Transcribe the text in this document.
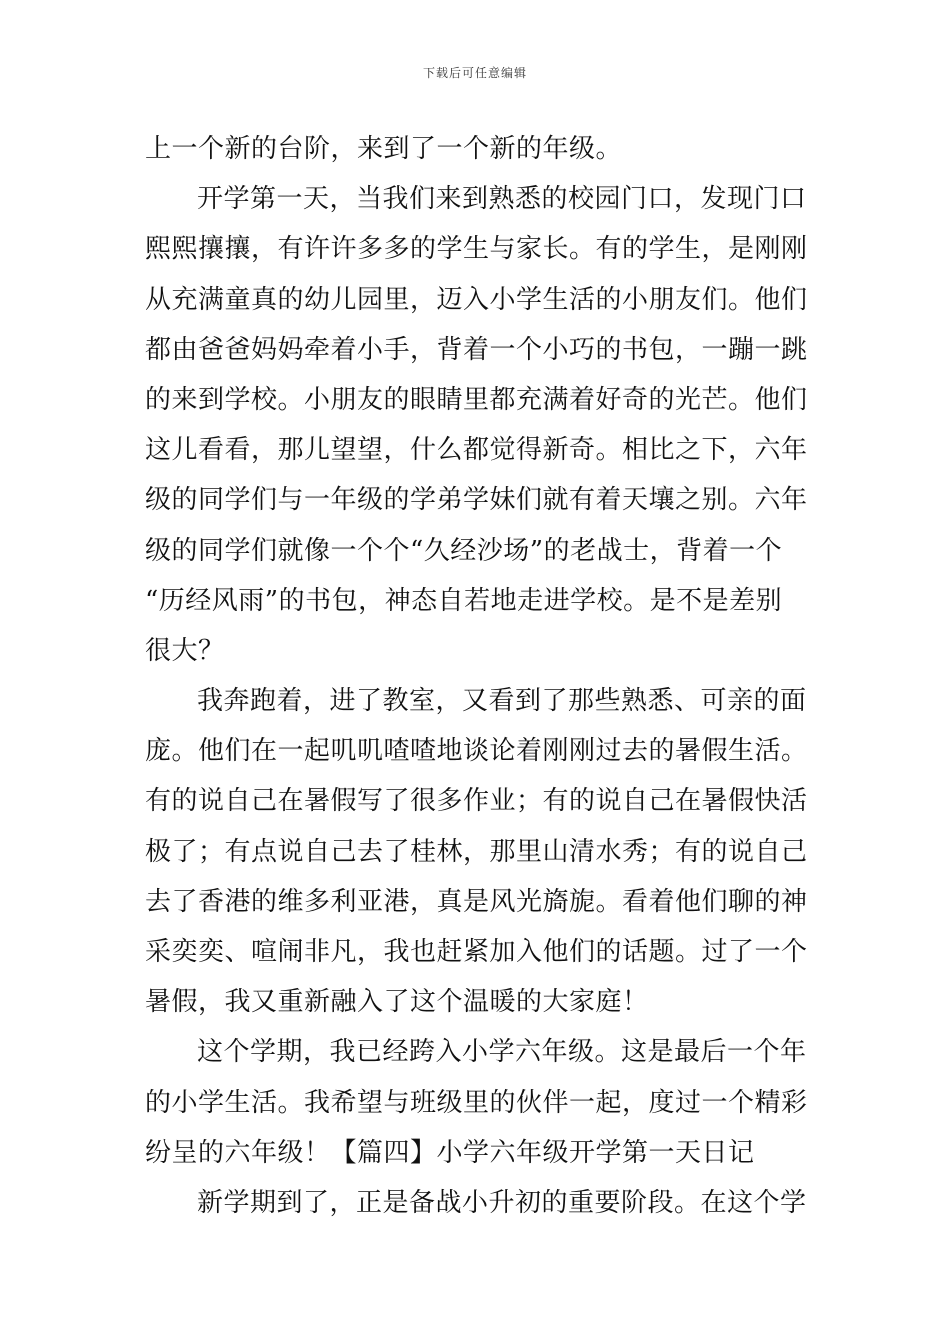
下载后可任意编辑
上一个新的台阶，来到了一个新的年级。
开学第一天，当我们来到熟悉的校园门口，发现门口
熙熙攘攘，有许许多多的学生与家长。有的学生，是刚刚
从充满童真的幼儿园里，迈入小学生活的小朋友们。他们
都由爸爸妈妈牵着小手，背着一个小巧的书包，一蹦一跳
的来到学校。小朋友的眼睛里都充满着好奇的光芒。他们
这儿看看，那儿望望，什么都觉得新奇。相比之下，六年
级的同学们与一年级的学弟学妹们就有着天壤之别。六年
级的同学们就像一个个“久经沙场”的老战士，背着一个
“历经风雨”的书包，神态自若地走进学校。是不是差别
很大？
我奔跑着，进了教室，又看到了那些熟悉、可亲的面
庞。他们在一起叽叽喳喳地谈论着刚刚过去的暑假生活。
有的说自己在暑假写了很多作业；有的说自己在暑假快活
极了；有点说自己去了桂林，那里山清水秀；有的说自己
去了香港的维多利亚港，真是风光旖旎。看着他们聊的神
采奕奕、喧闹非凡，我也赶紧加入他们的话题。过了一个
暑假，我又重新融入了这个温暖的大家庭！
这个学期，我已经跨入小学六年级。这是最后一个年
的小学生活。我希望与班级里的伙伴一起，度过一个精彩
纷呈的六年级！【篇四】小学六年级开学第一天日记
新学期到了，正是备战小升初的重要阶段。在这个学
